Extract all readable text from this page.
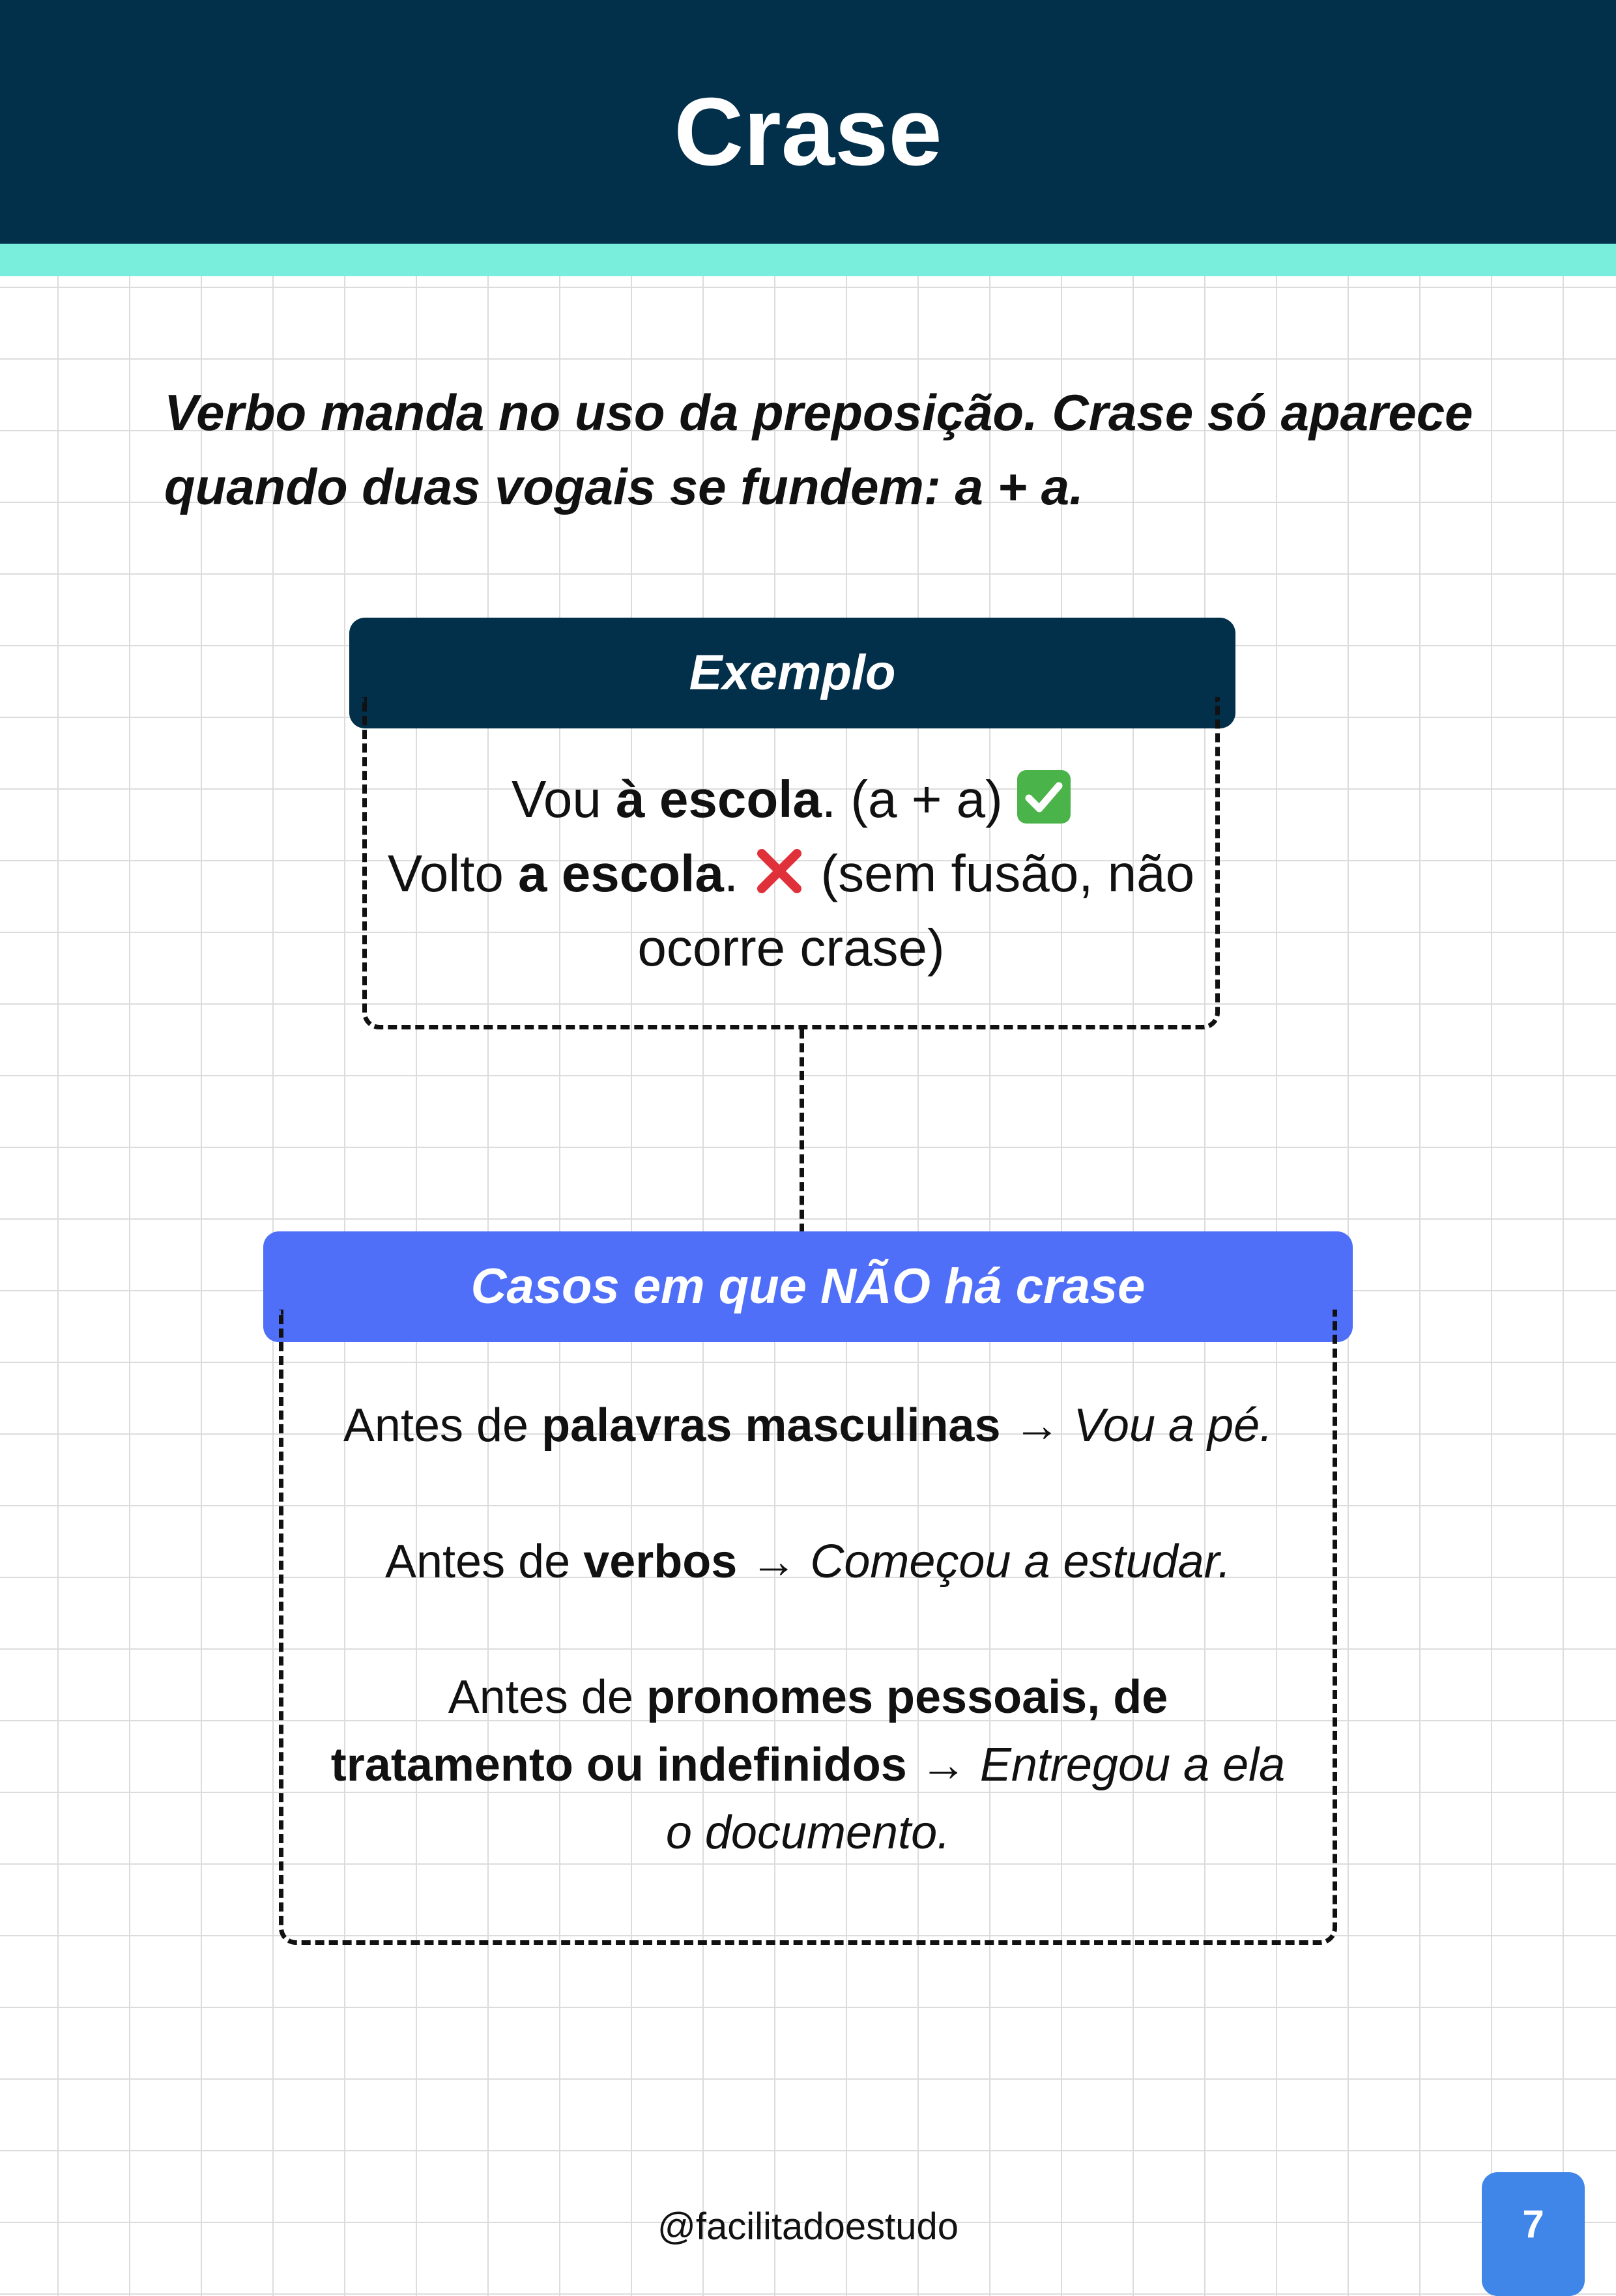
Crase
Verbo manda no uso da preposição. Crase só aparece quando duas vogais se fundem: a + a.
Exemplo
Vou à escola. (a + a)
Volto a escola.
(sem fusão, não ocorre crase)
Casos em que NÃO há crase
Antes de palavras masculinas → Vou a pé.
Antes de verbos → Começou a estudar.
Antes de pronomes pessoais, de tratamento ou indefinidos → Entregou a ela o documento.
@facilitadoestudo	7
